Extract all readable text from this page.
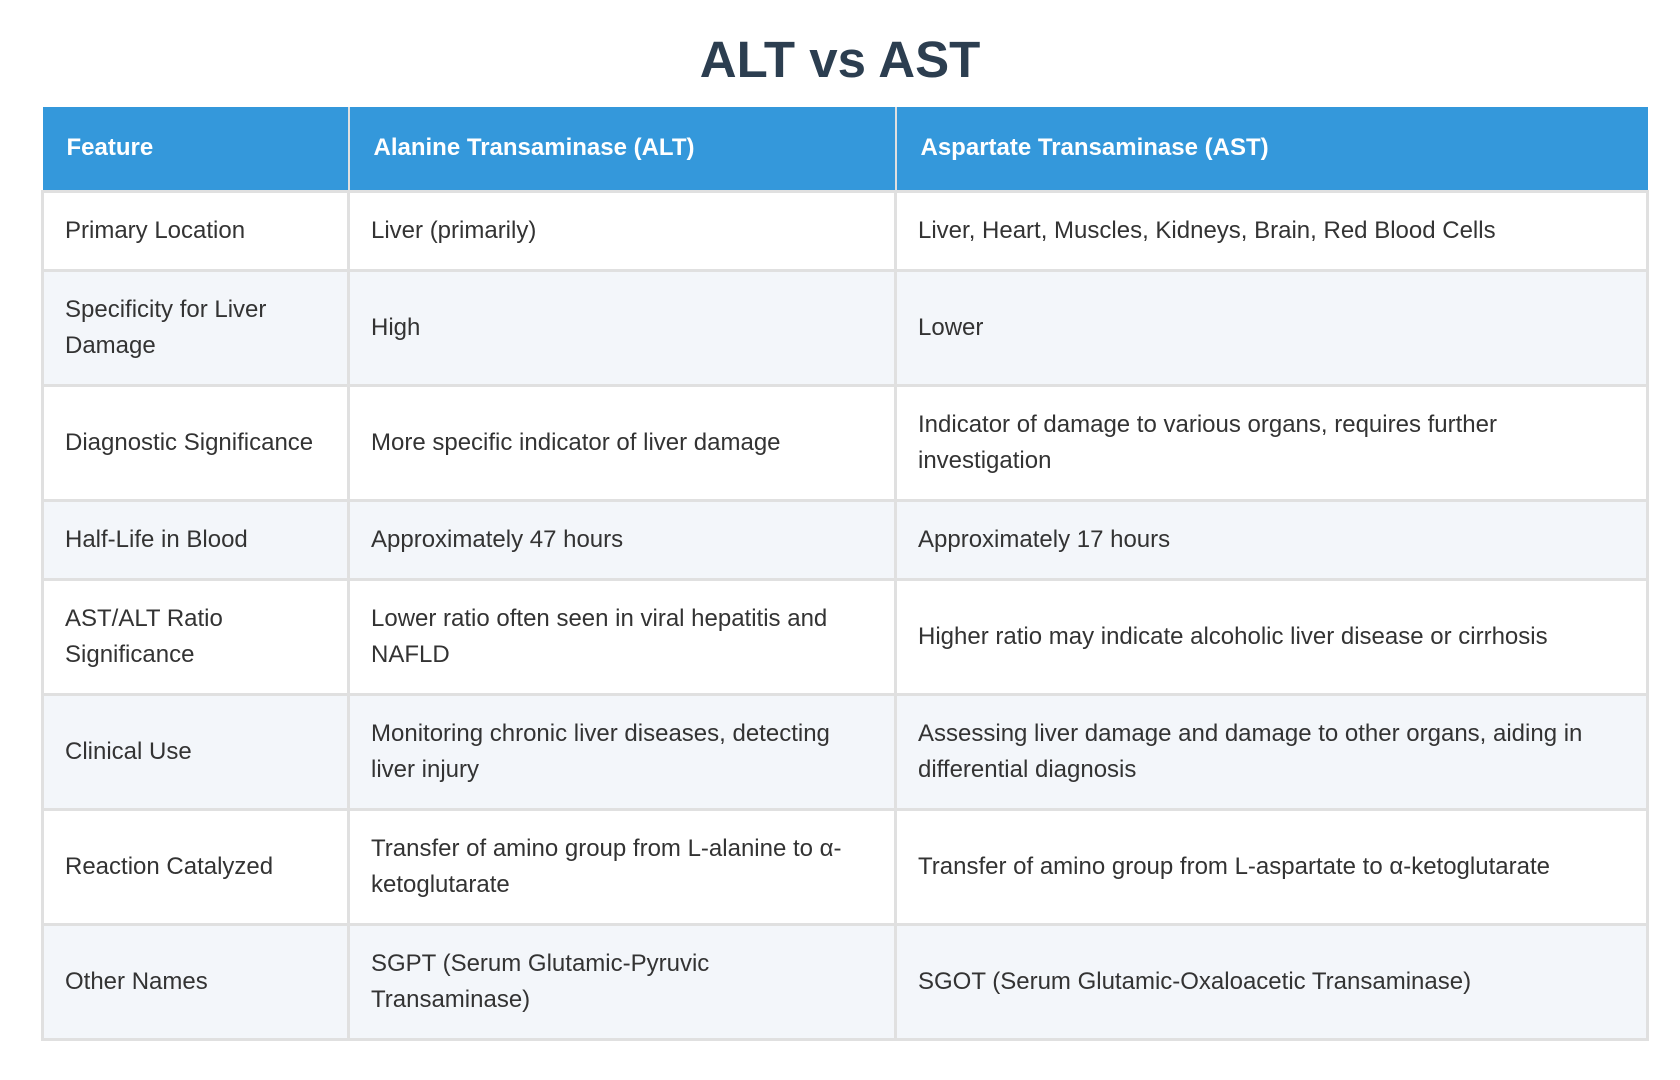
ALT vs AST
Feature	Alanine Transaminase (ALT)	Aspartate Transaminase (AST)
Primary Location	Liver (primarily)	Liver, Heart, Muscles, Kidneys, Brain, Red Blood Cells
Specificity for Liver Damage	High	Lower
Diagnostic Significance	More specific indicator of liver damage	Indicator of damage to various organs, requires further investigation
Half-Life in Blood	Approximately 47 hours	Approximately 17 hours
AST/ALT Ratio Significance	Lower ratio often seen in viral hepatitis and NAFLD	Higher ratio may indicate alcoholic liver disease or cirrhosis
Clinical Use	Monitoring chronic liver diseases, detecting liver injury	Assessing liver damage and damage to other organs, aiding in differential diagnosis
Reaction Catalyzed	Transfer of amino group from L-alanine to α-ketoglutarate	Transfer of amino group from L-aspartate to α-ketoglutarate
Other Names	SGPT (Serum Glutamic-Pyruvic Transaminase)	SGOT (Serum Glutamic-Oxaloacetic Transaminase)
